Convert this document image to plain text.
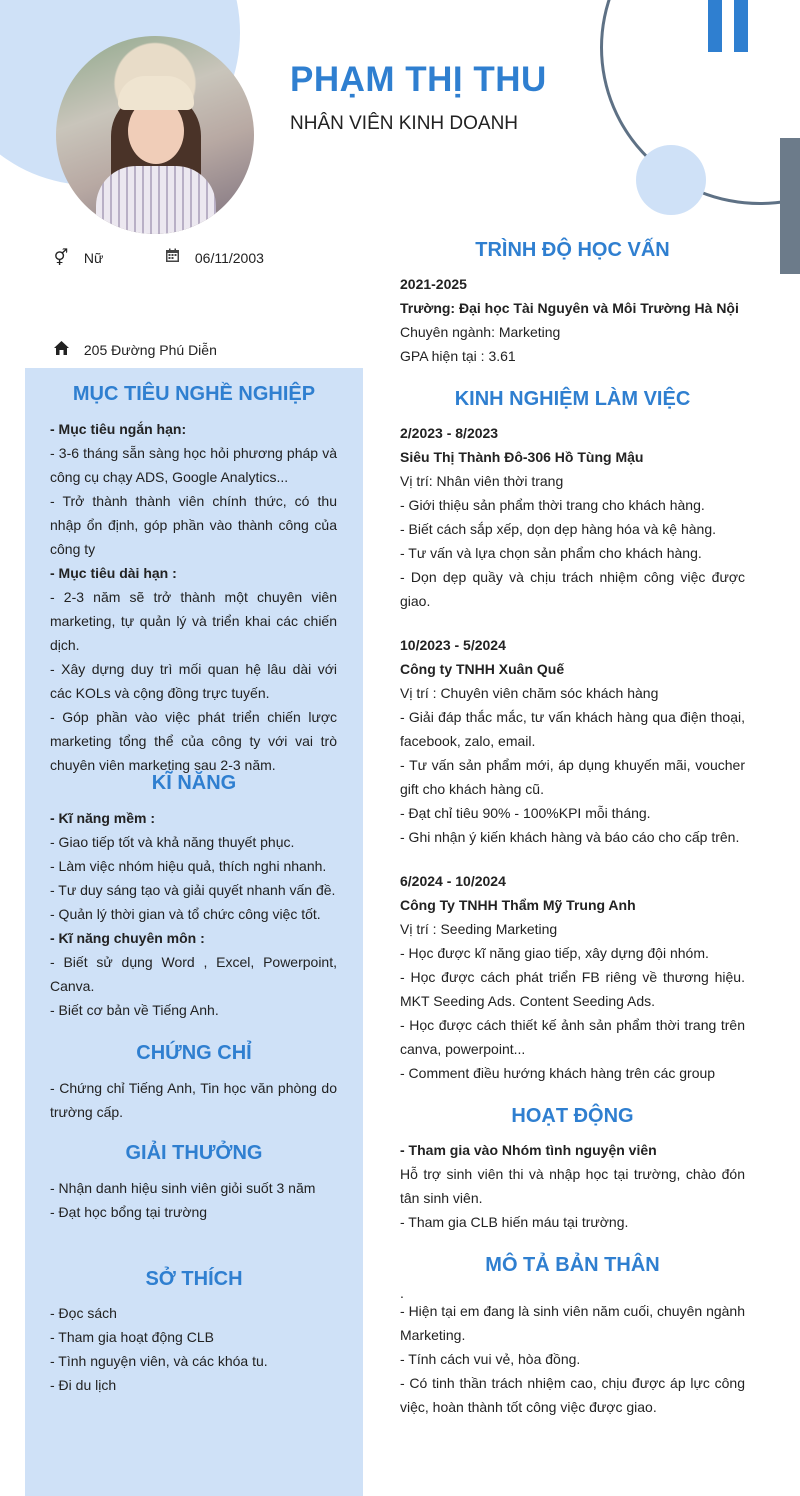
PHẠM THỊ THU
NHÂN VIÊN KINH DOANH
⚥ Nữ	06/11/2003
205 Đường Phú Diễn
MỤC TIÊU NGHỀ NGHIỆP

- Mục tiêu ngắn hạn:

- 3-6 tháng sẵn sàng học hỏi phương pháp và công cụ chạy ADS, Google Analytics...

- Trở thành thành viên chính thức, có thu nhập ổn định, góp phần vào thành công của công ty

- Mục tiêu dài hạn :

- 2-3 năm sẽ trở thành một chuyên viên marketing, tự quản lý và triển khai các chiến dịch.

- Xây dựng duy trì mối quan hệ lâu dài với các KOLs và cộng đồng trực tuyến.

- Góp phần vào việc phát triển chiến lược marketing tổng thể của công ty với vai trò chuyên viên marketing sau 2-3 năm.

KĨ NĂNG

- Kĩ năng mềm :

- Giao tiếp tốt và khả năng thuyết phục.

- Làm việc nhóm hiệu quả, thích nghi nhanh.

- Tư duy sáng tạo và giải quyết nhanh vấn đề.

- Quản lý thời gian và tổ chức công việc tốt.

- Kĩ năng chuyên môn :

- Biết sử dụng Word , Excel, Powerpoint, Canva.

- Biết cơ bản về Tiếng Anh.

CHỨNG CHỈ

- Chứng chỉ Tiếng Anh, Tin học văn phòng do trường cấp.

GIẢI THƯỞNG

- Nhận danh hiệu sinh viên giỏi suốt 3 năm

- Đạt học bổng tại trường

SỞ THÍCH

- Đọc sách

- Tham gia hoạt động CLB

- Tình nguyện viên, và các khóa tu.

- Đi du lịch

TRÌNH ĐỘ HỌC VẤN

2021-2025

Trường: Đại học Tài Nguyên và Môi Trường Hà Nội

Chuyên ngành: Marketing

GPA hiện tại : 3.61

KINH NGHIỆM LÀM VIỆC

2/2023 - 8/2023

Siêu Thị Thành Đô-306 Hồ Tùng Mậu

Vị trí: Nhân viên thời trang

- Giới thiệu sản phẩm thời trang cho khách hàng.

- Biết cách sắp xếp, dọn dẹp hàng hóa và kệ hàng.

- Tư vấn và lựa chọn sản phẩm cho khách hàng.

- Dọn dẹp quầy và chịu trách nhiệm công việc được giao.

10/2023 - 5/2024

Công ty TNHH Xuân Quế

Vị trí : Chuyên viên chăm sóc khách hàng

- Giải đáp thắc mắc, tư vấn khách hàng qua điện thoại, facebook, zalo, email.

- Tư vấn sản phẩm mới, áp dụng khuyến mãi, voucher gift cho khách hàng cũ.

- Đạt chỉ tiêu 90% - 100%KPI mỗi tháng.

- Ghi nhận ý kiến khách hàng và báo cáo cho cấp trên.

6/2024 - 10/2024

Công Ty TNHH Thẩm Mỹ Trung Anh

Vị trí : Seeding Marketing

- Học được kĩ năng giao tiếp, xây dựng đội nhóm.

- Học được cách phát triển FB riêng về thương hiệu. MKT Seeding Ads. Content Seeding Ads.

- Học được cách thiết kế ảnh sản phẩm thời trang trên canva, powerpoint...

- Comment điều hướng khách hàng trên các group

HOẠT ĐỘNG

- Tham gia vào Nhóm tình nguyện viên

Hỗ trợ sinh viên thi và nhập học tại trường, chào đón tân sinh viên.

- Tham gia CLB hiến máu tại trường.

MÔ TẢ BẢN THÂN

.

- Hiện tại em đang là sinh viên năm cuối, chuyên ngành Marketing.

- Tính cách vui vẻ, hòa đồng.

- Có tinh thần trách nhiệm cao, chịu được áp lực công việc, hoàn thành tốt công việc được giao.
